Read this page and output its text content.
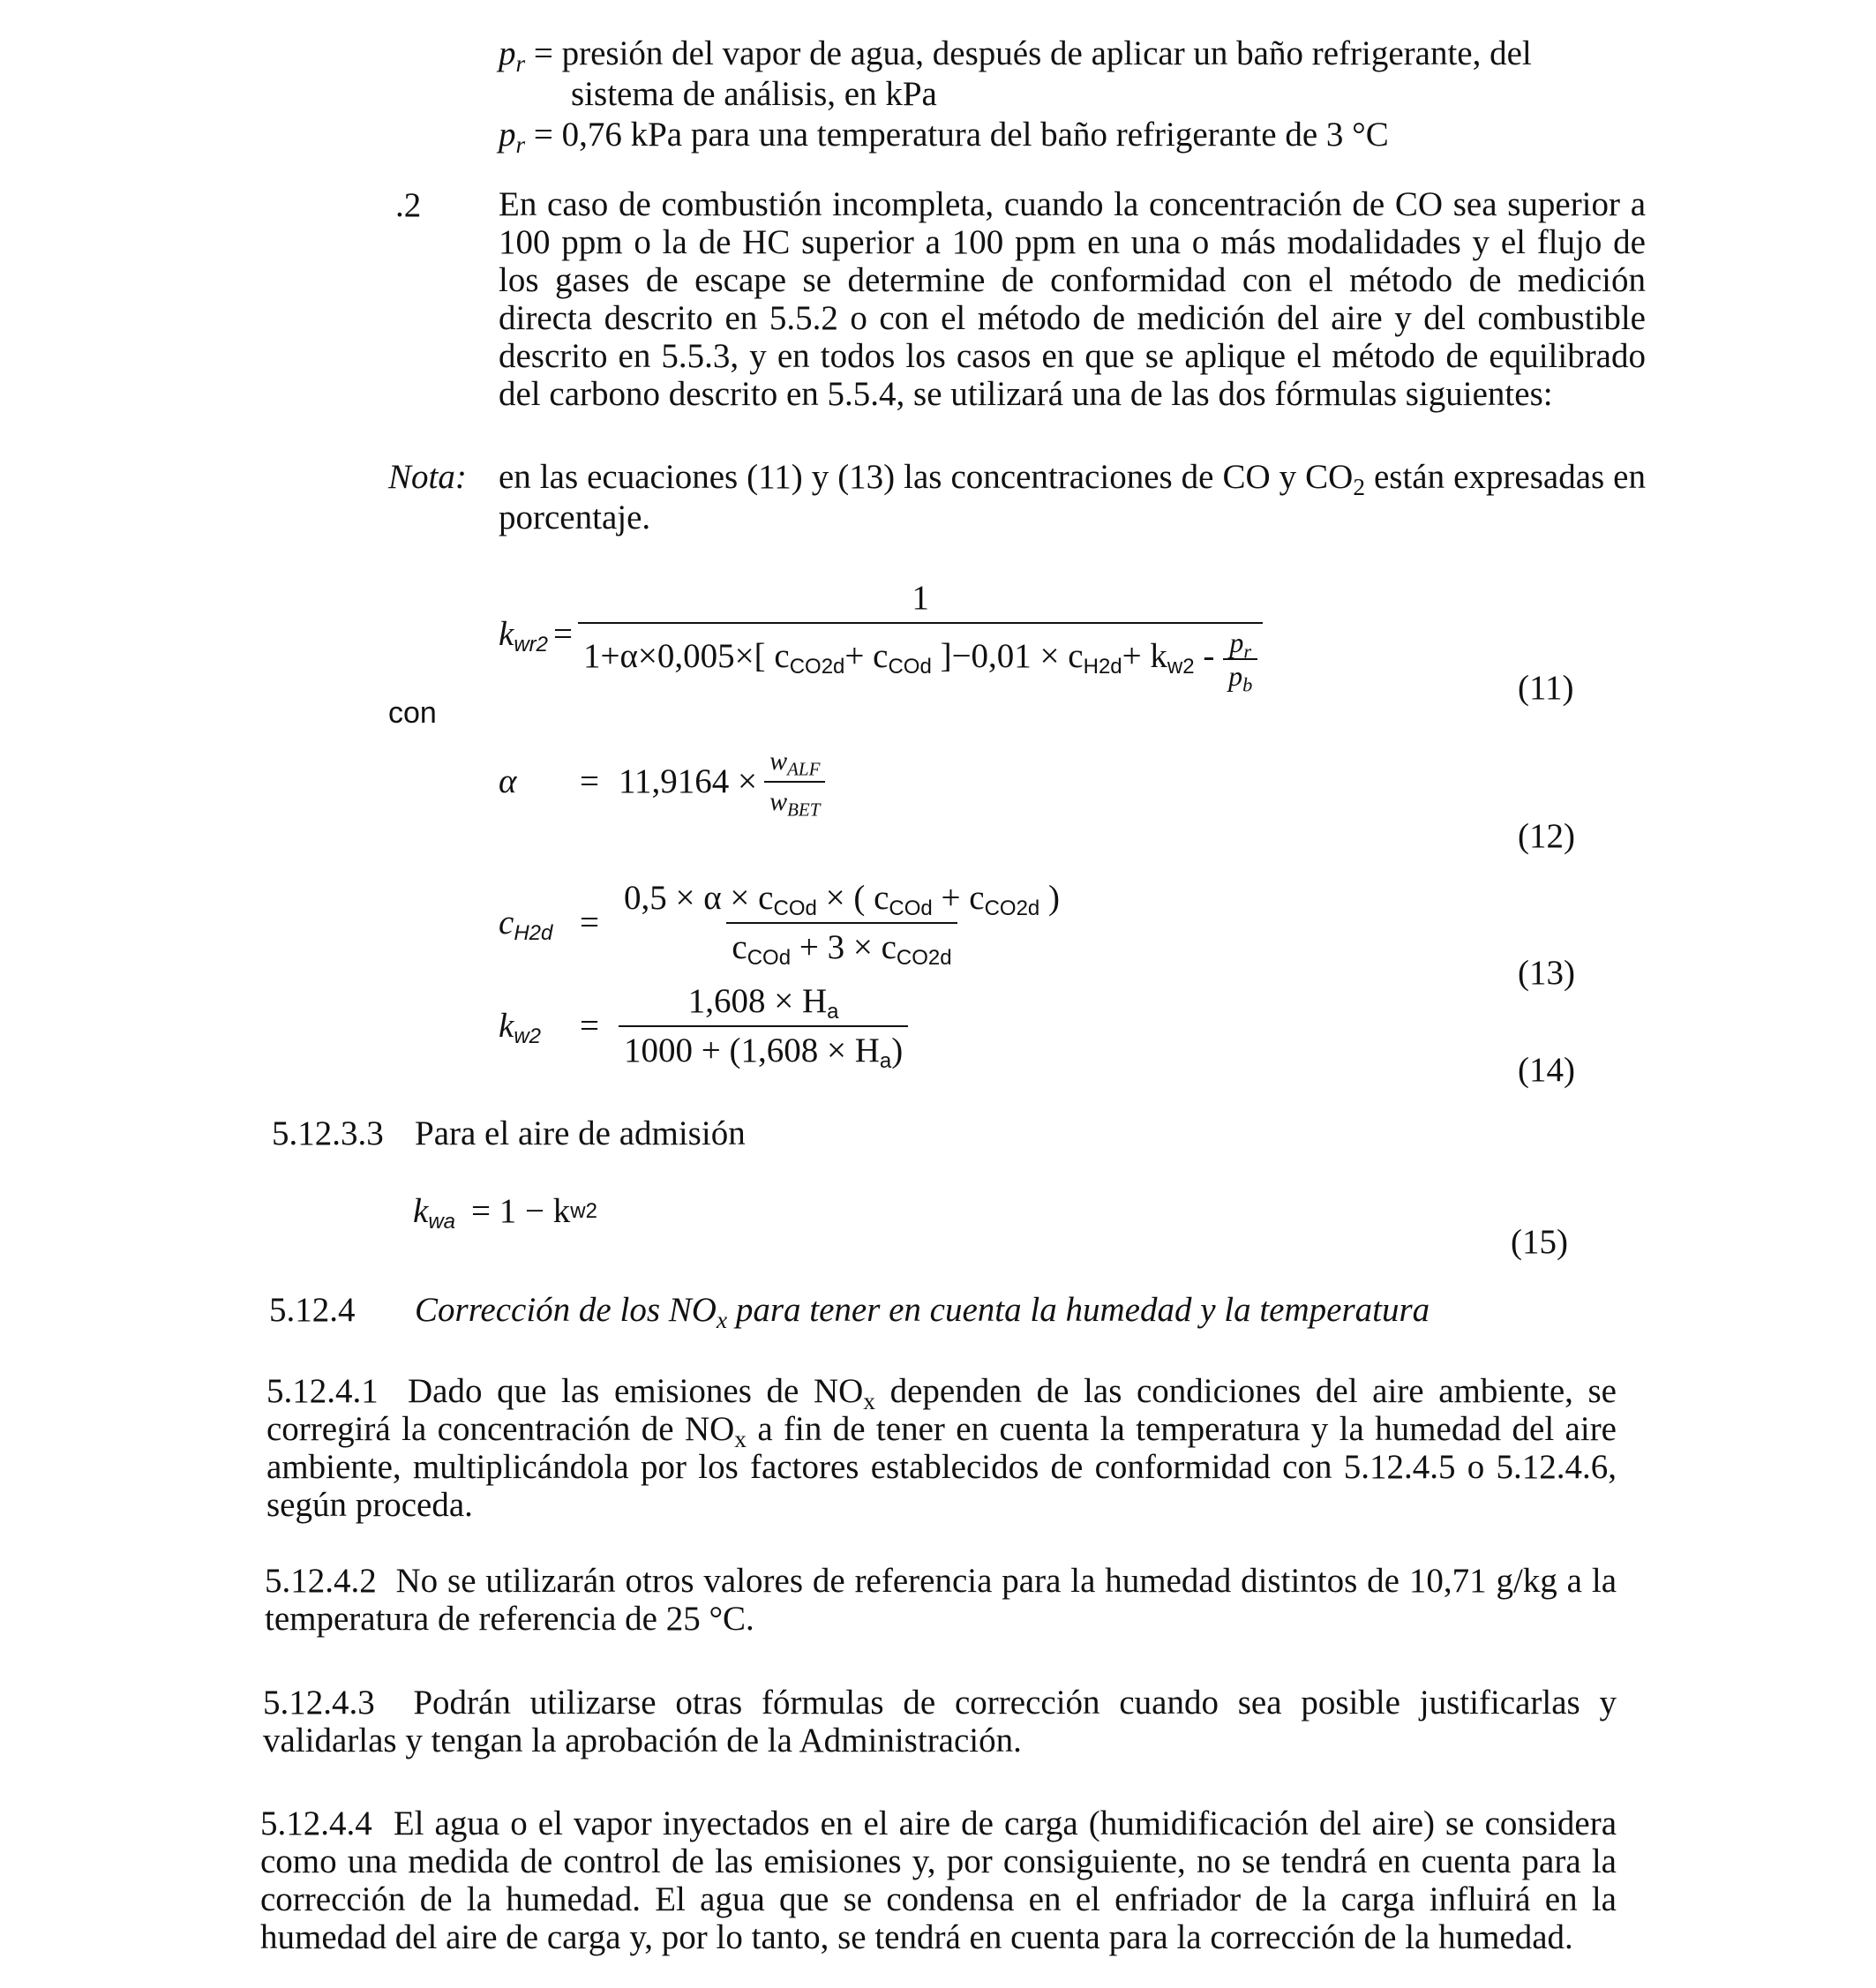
$p_r$ = presión del vapor de agua, después de aplicar un baño refrigerante, del
sistema de análisis, en kPa
$p_r = 0,76$ kPa para una temperatura del baño refrigerante de 3 °C
.2 En caso de combustión incompleta, cuando la concentración de CO sea superior a 100 ppm o la de HC superior a 100 ppm en una o más modalidades y el flujo de los gases de escape se determine de conformidad con el método de medición directa descrito en 5.5.2 o con el método de medición del aire y del combustible descrito en 5.5.3, y en todos los casos en que se aplique el método de equilibrado del carbono descrito en 5.5.4, se utilizará una de las dos fórmulas siguientes:
Nota: en las ecuaciones (11) y (13) las concentraciones de CO y $CO_2$ están expresadas en porcentaje.
$k_{wr2}$ =
1
1+α×0,005×[ $c_{CO2d}+ c_{COd}$ ]$-0,01 \times c_{H2d}+ k_{w2} - \frac{p_r}{p_b}$	(11)
con
α	= $11,9164 \times \frac{w_{ALF}}{w_{BET}}$
(12)
$c_{H2d} = \frac{0,5 \times \alpha \times c_{COd} \times ( c_{COd} + c_{CO2d} )}{c_{COd} + 3 \times c_{CO2d}}$
(13)
$k_{w2}$	= $\frac{1,608 \times H_a}{1000 + (1,608 \times H_a)}$	(14)
5.12.3.3 Para el aire de admisión
$k_{wa} = 1 - k$ w2
(15)
5.12.4 Corrección de los $NO_x$ para tener en cuenta la humedad y la temperatura
5.12.4.1 Dado que las emisiones de $NO_x$ dependen de las condiciones del aire ambiente, se corregirá la concentración de $NO_x$ a fin de tener en cuenta la temperatura y la humedad del aire ambiente, multiplicándola por los factores establecidos de conformidad con 5.12.4.5 o 5.12.4.6, según proceda.
5.12.4.2 No se utilizarán otros valores de referencia para la humedad distintos de 10,71 g/kg a la temperatura de referencia de 25 °C.
5.12.4.3 Podrán utilizarse otras fórmulas de corrección cuando sea posible justificarlas y validarlas y tengan la aprobación de la Administración.
5.12.4.4 El agua o el vapor inyectados en el aire de carga (humidificación del aire) se considera como una medida de control de las emisiones y, por consiguiente, no se tendrá en cuenta para la corrección de la humedad. El agua que se condensa en el enfriador de la carga influirá en la humedad del aire de carga y, por lo tanto, se tendrá en cuenta para la corrección de la humedad.
